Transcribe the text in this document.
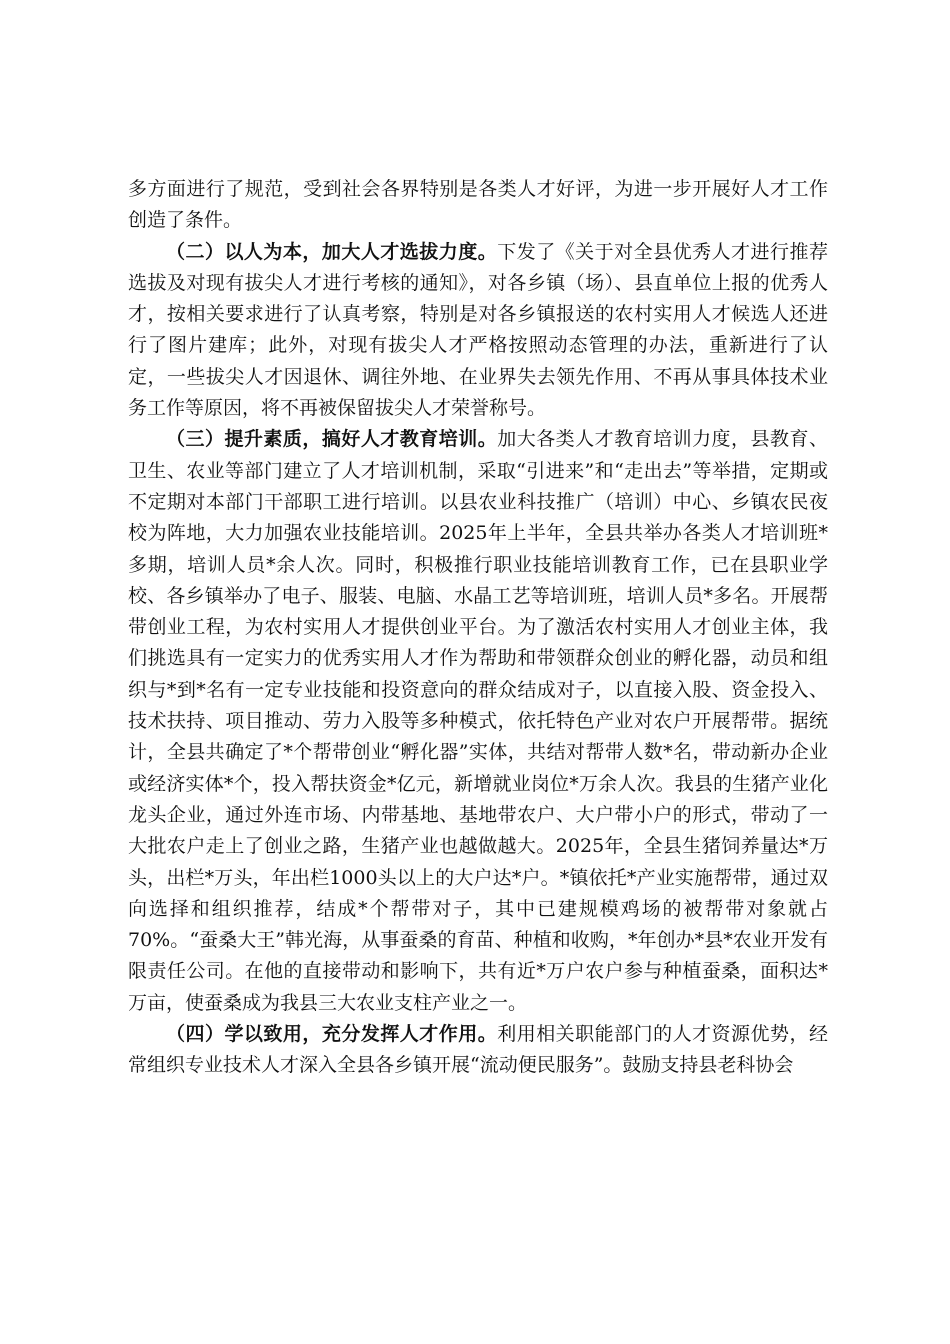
多方面进行了规范，受到社会各界特别是各类人才好评，为进一步开展好人才工作创造了条件。

（二）以人为本，加大人才选拔力度。下发了《关于对全县优秀人才进行推荐选拔及对现有拔尖人才进行考核的通知》，对各乡镇（场）、县直单位上报的优秀人才，按相关要求进行了认真考察，特别是对各乡镇报送的农村实用人才候选人还进行了图片建库；此外，对现有拔尖人才严格按照动态管理的办法，重新进行了认定，一些拔尖人才因退休、调往外地、在业界失去领先作用、不再从事具体技术业务工作等原因，将不再被保留拔尖人才荣誉称号。

（三）提升素质，搞好人才教育培训。加大各类人才教育培训力度，县教育、卫生、农业等部门建立了人才培训机制，采取“引进来”和“走出去”等举措，定期或不定期对本部门干部职工进行培训。以县农业科技推广（培训）中心、乡镇农民夜校为阵地，大力加强农业技能培训。2025年上半年，全县共举办各类人才培训班*多期，培训人员*余人次。同时，积极推行职业技能培训教育工作，已在县职业学校、各乡镇举办了电子、服装、电脑、水晶工艺等培训班，培训人员*多名。开展帮带创业工程，为农村实用人才提供创业平台。为了激活农村实用人才创业主体，我们挑选具有一定实力的优秀实用人才作为帮助和带领群众创业的孵化器，动员和组织与*到*名有一定专业技能和投资意向的群众结成对子，以直接入股、资金投入、技术扶持、项目推动、劳力入股等多种模式，依托特色产业对农户开展帮带。据统计，全县共确定了*个帮带创业“孵化器”实体，共结对帮带人数*名，带动新办企业或经济实体*个，投入帮扶资金*亿元，新增就业岗位*万余人次。我县的生猪产业化龙头企业，通过外连市场、内带基地、基地带农户、大户带小户的形式，带动了一大批农户走上了创业之路，生猪产业也越做越大。2025年，全县生猪饲养量达*万头，出栏*万头，年出栏1000头以上的大户达*户。*镇依托*产业实施帮带，通过双向选择和组织推荐，结成*个帮带对子，其中已建规模鸡场的被帮带对象就占70%。“蚕桑大王”韩光海，从事蚕桑的育苗、种植和收购，*年创办*县*农业开发有限责任公司。在他的直接带动和影响下，共有近*万户农户参与种植蚕桑，面积达*万亩，使蚕桑成为我县三大农业支柱产业之一。

（四）学以致用，充分发挥人才作用。利用相关职能部门的人才资源优势，经常组织专业技术人才深入全县各乡镇开展“流动便民服务”。鼓励支持县老科协会
